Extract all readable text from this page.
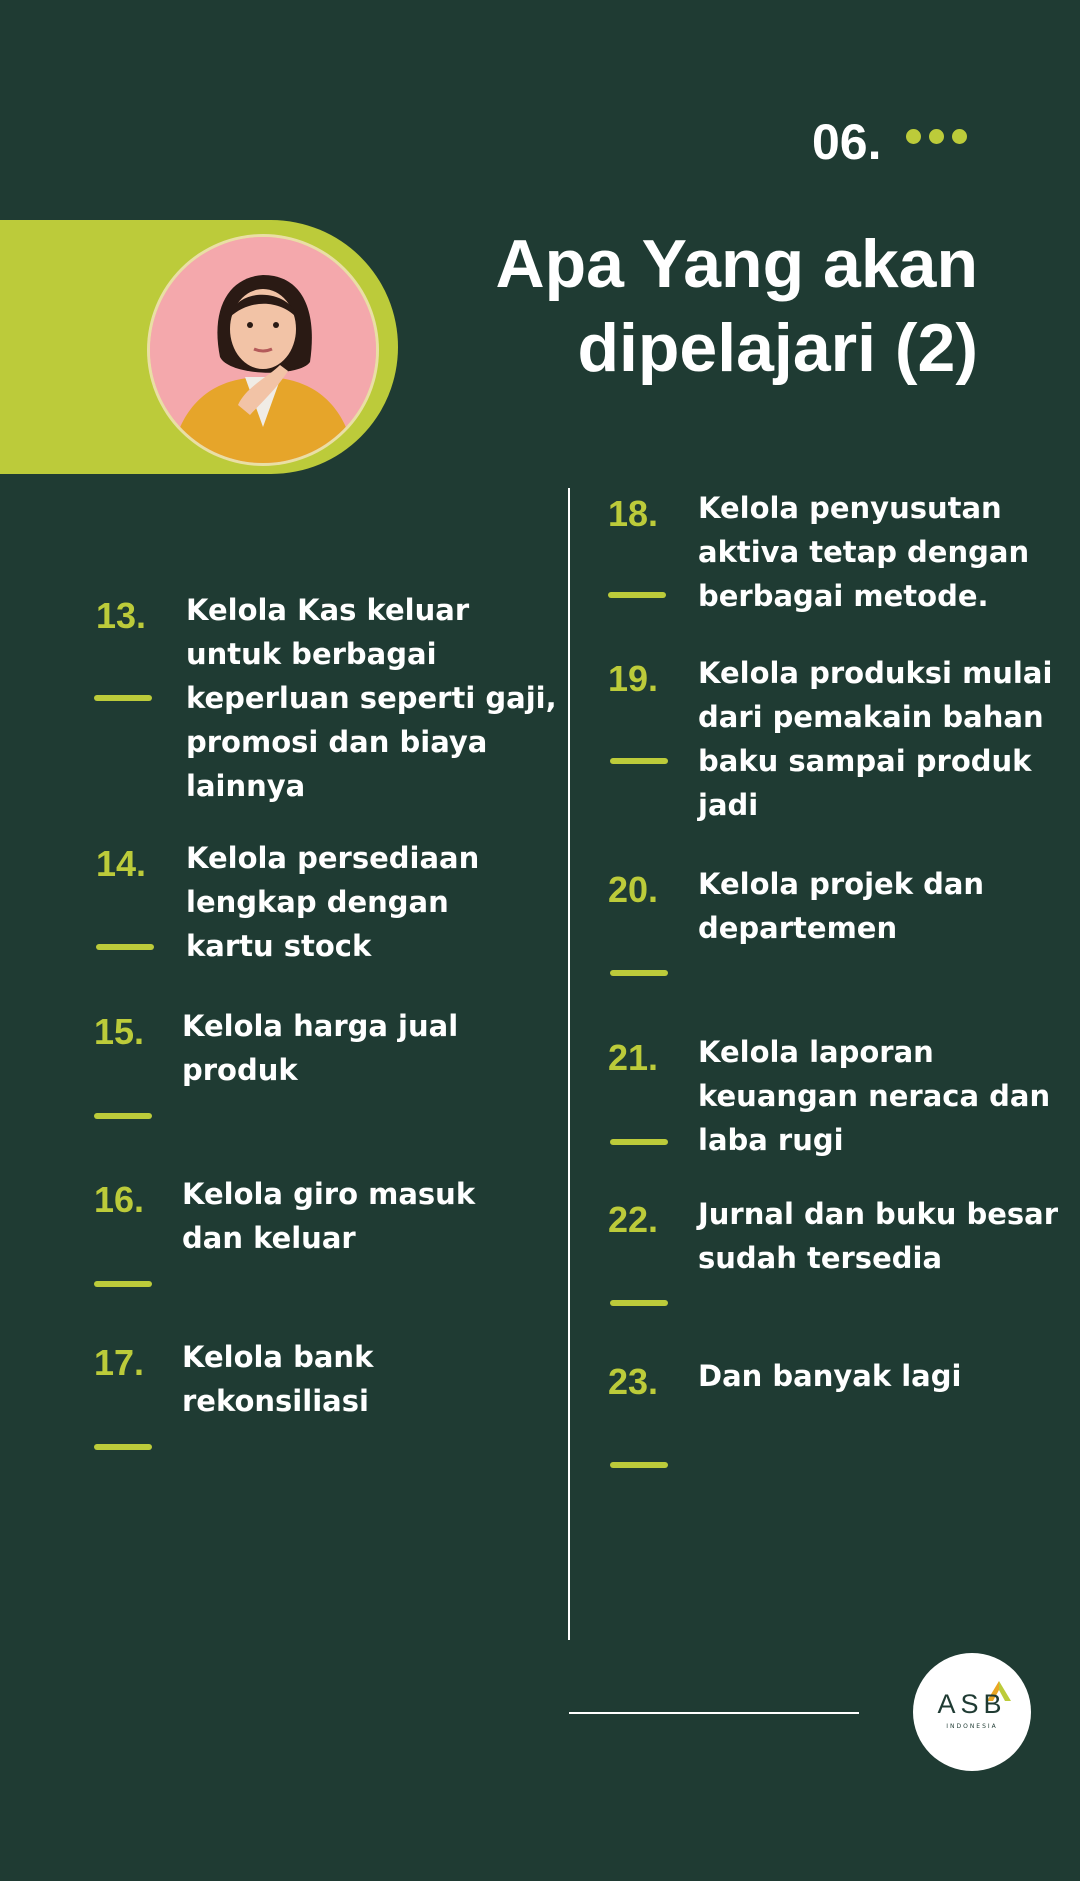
06.
Apa Yang akan
dipelajari (2)
13. Kelola Kas keluar
untuk berbagai
keperluan seperti gaji,
promosi dan biaya
lainnya
14. Kelola persediaan
lengkap dengan
kartu stock
15. Kelola harga jual
produk
16. Kelola giro masuk
dan keluar
17. Kelola bank
rekonsiliasi
18. Kelola penyusutan
aktiva tetap dengan
berbagai metode.
19. Kelola produksi mulai
dari pemakain bahan
baku sampai produk
jadi
20. Kelola projek dan
departemen
21. Kelola laporan
keuangan neraca dan
laba rugi
22. Jurnal dan buku besar
sudah tersedia
23. Dan banyak lagi
ASB
INDONESIA
